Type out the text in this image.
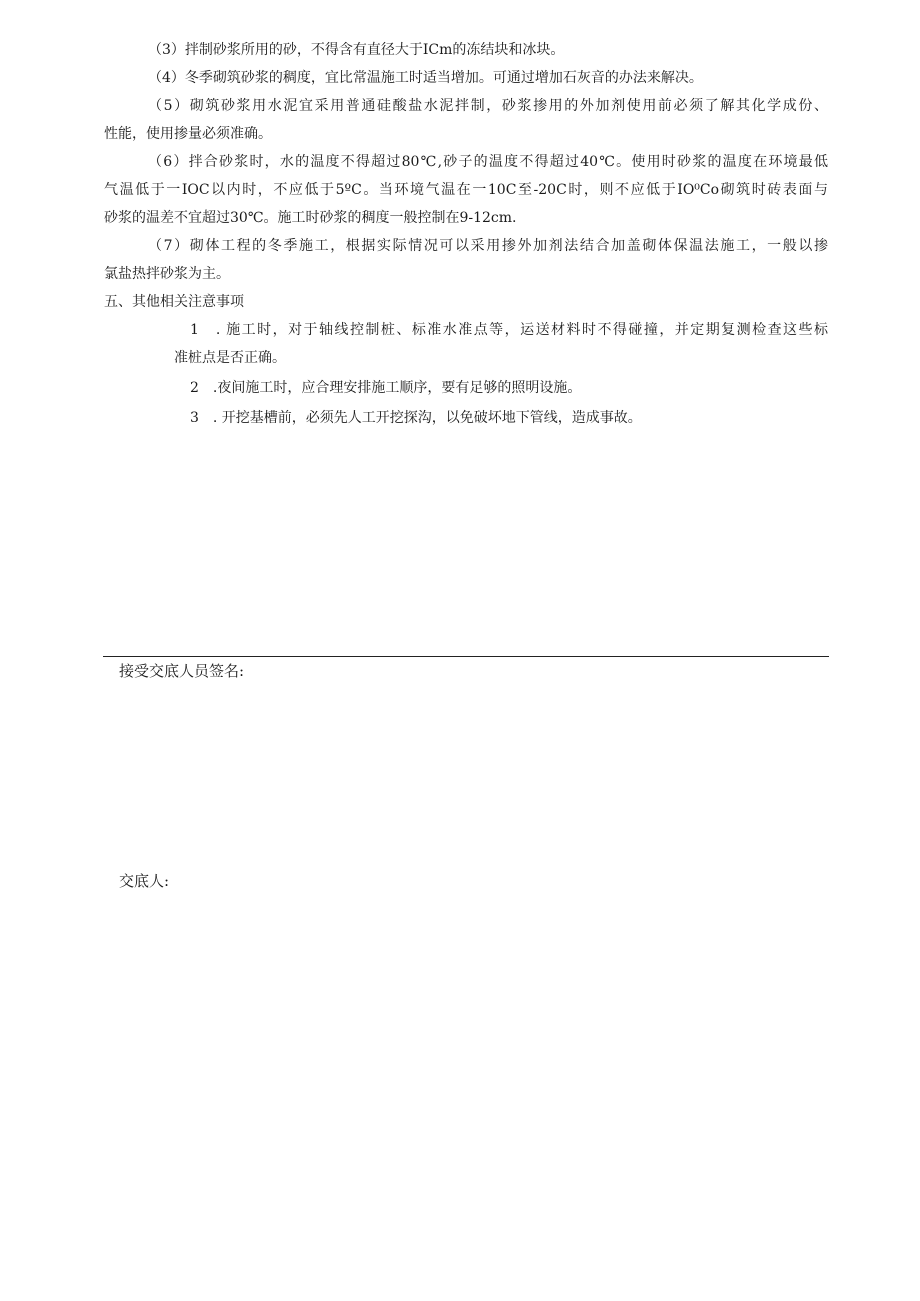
（3）拌制砂浆所用的砂，不得含有直径大于ICm的冻结块和冰块。
（4）冬季砌筑砂浆的稠度，宜比常温施工时适当增加。可通过增加石灰音的办法来解决。
（5）砌筑砂浆用水泥宜采用普通硅酸盐水泥拌制，砂浆掺用的外加剂使用前必须了解其化学成份、
性能，使用掺量必须准确。
（6）拌合砂浆时，水的温度不得超过80℃,砂子的温度不得超过40℃。使用时砂浆的温度在环境最低
气温低于一IOC以内时，不应低于5ºC。当环境气温在一10C至-20C时，则不应低于IO⁰Co砌筑时砖表面与
砂浆的温差不宜超过30℃。施工时砂浆的稠度一般控制在9-12cm.
（7）砌体工程的冬季施工，根据实际情况可以采用掺外加剂法结合加盖砌体保温法施工，一般以掺
氯盐热拌砂浆为主。
五、其他相关注意事项
1　. 施工时，对于轴线控制桩、标准水准点等，运送材料时不得碰撞，并定期复测检查这些标
准桩点是否正确。
2　.夜间施工时，应合理安排施工顺序，要有足够的照明设施。
3　. 开挖基槽前，必须先人工开挖探沟，以免破坏地下管线，造成事故。
接受交底人员签名:
交底人:
